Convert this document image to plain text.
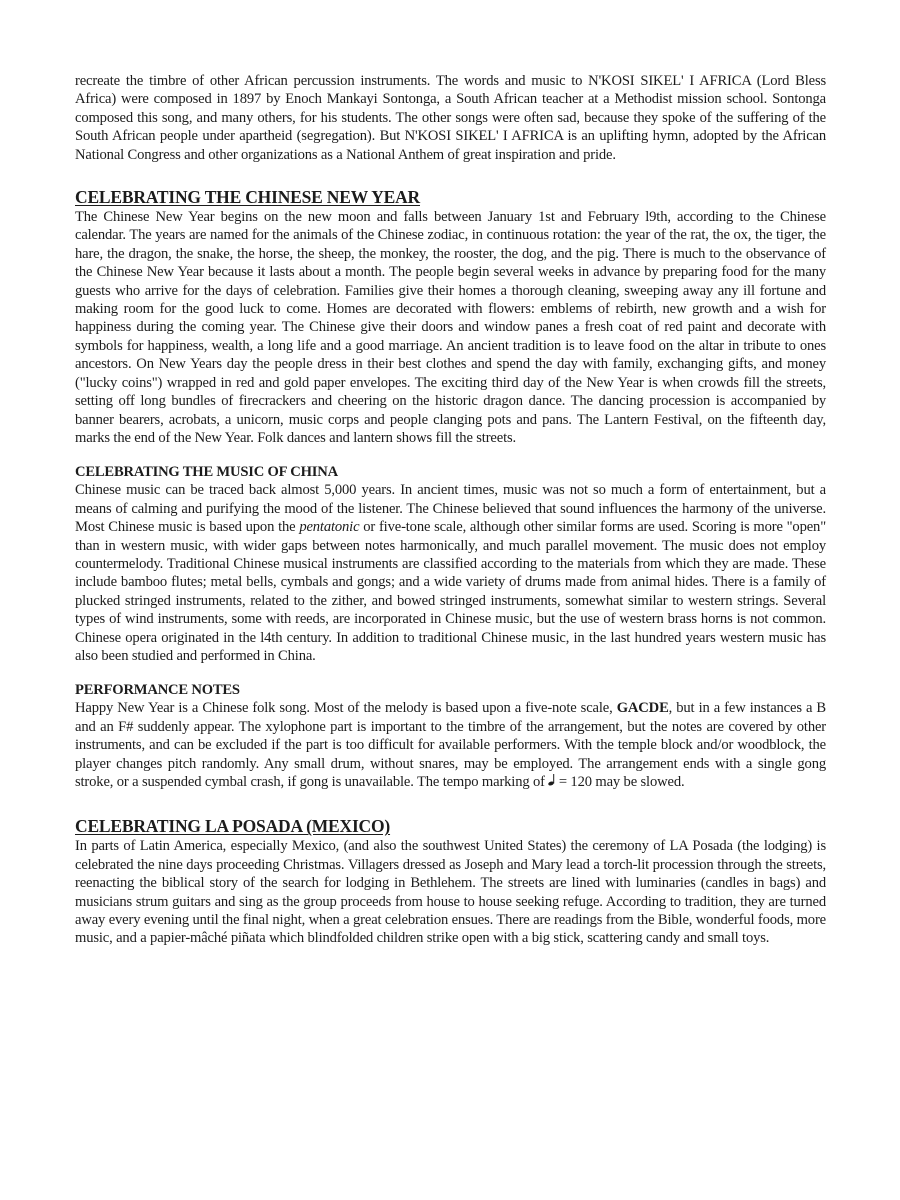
recreate the timbre of other African percussion instruments. The words and music to N'KOSI SIKEL' I AFRICA (Lord Bless Africa) were composed in 1897 by Enoch Mankayi Sontonga, a South African teacher at a Methodist mission school. Sontonga composed this song, and many others, for his students. The other songs were often sad, because they spoke of the suffering of the South African people under apartheid (segregation). But N'KOSI SIKEL' I AFRICA is an uplifting hymn, adopted by the African National Congress and other organizations as a National Anthem of great inspiration and pride.

CELEBRATING THE CHINESE NEW YEAR

The Chinese New Year begins on the new moon and falls between January 1st and February l9th, according to the Chinese calendar. The years are named for the animals of the Chinese zodiac, in continuous rotation: the year of the rat, the ox, the tiger, the hare, the dragon, the snake, the horse, the sheep, the monkey, the rooster, the dog, and the pig. There is much to the observance of the Chinese New Year because it lasts about a month. The people begin several weeks in advance by preparing food for the many guests who arrive for the days of celebration. Families give their homes a thorough cleaning, sweeping away any ill fortune and making room for the good luck to come. Homes are decorated with flowers: emblems of rebirth, new growth and a wish for happiness during the coming year. The Chinese give their doors and window panes a fresh coat of red paint and decorate with symbols for happiness, wealth, a long life and a good marriage. An ancient tradition is to leave food on the altar in tribute to ones ancestors. On New Years day the people dress in their best clothes and spend the day with family, exchanging gifts, and money ("lucky coins") wrapped in red and gold paper envelopes. The exciting third day of the New Year is when crowds fill the streets, setting off long bundles of firecrackers and cheering on the historic dragon dance. The dancing procession is accompanied by banner bearers, acrobats, a unicorn, music corps and people clanging pots and pans. The Lantern Festival, on the fifteenth day, marks the end of the New Year. Folk dances and lantern shows fill the streets.

CELEBRATING THE MUSIC OF CHINA

Chinese music can be traced back almost 5,000 years. In ancient times, music was not so much a form of entertainment, but a means of calming and purifying the mood of the listener. The Chinese believed that sound influences the harmony of the universe. Most Chinese music is based upon the pentatonic or five-tone scale, although other similar forms are used. Scoring is more "open" than in western music, with wider gaps between notes harmonically, and much parallel movement. The music does not employ countermelody. Traditional Chinese musical instruments are classified according to the materials from which they are made. These include bamboo flutes; metal bells, cymbals and gongs; and a wide variety of drums made from animal hides. There is a family of plucked stringed instruments, related to the zither, and bowed stringed instruments, somewhat similar to western strings. Several types of wind instruments, some with reeds, are incorporated in Chinese music, but the use of western brass horns is not common. Chinese opera originated in the l4th century. In addition to traditional Chinese music, in the last hundred years western music has also been studied and performed in China.

PERFORMANCE NOTES

Happy New Year is a Chinese folk song. Most of the melody is based upon a five-note scale, GACDE, but in a few instances a B and an F# suddenly appear. The xylophone part is important to the timbre of the arrangement, but the notes are covered by other instruments, and can be excluded if the part is too difficult for available performers. With the temple block and/or woodblock, the player changes pitch randomly. Any small drum, without snares, may be employed. The arrangement ends with a single gong stroke, or a suspended cymbal crash, if gong is unavailable. The tempo marking of  = 120 may be slowed.

CELEBRATING LA POSADA (MEXICO)

In parts of Latin America, especially Mexico, (and also the southwest United States) the ceremony of LA Posada (the lodging) is celebrated the nine days proceeding Christmas. Villagers dressed as Joseph and Mary lead a torch-lit procession through the streets, reenacting the biblical story of the search for lodging in Bethlehem. The streets are lined with luminaries (candles in bags) and musicians strum guitars and sing as the group proceeds from house to house seeking refuge. According to tradition, they are turned away every evening until the final night, when a great celebration ensues. There are readings from the Bible, wonderful foods, more music, and a papier-mâché piñata which blindfolded children strike open with a big stick, scattering candy and small toys.
